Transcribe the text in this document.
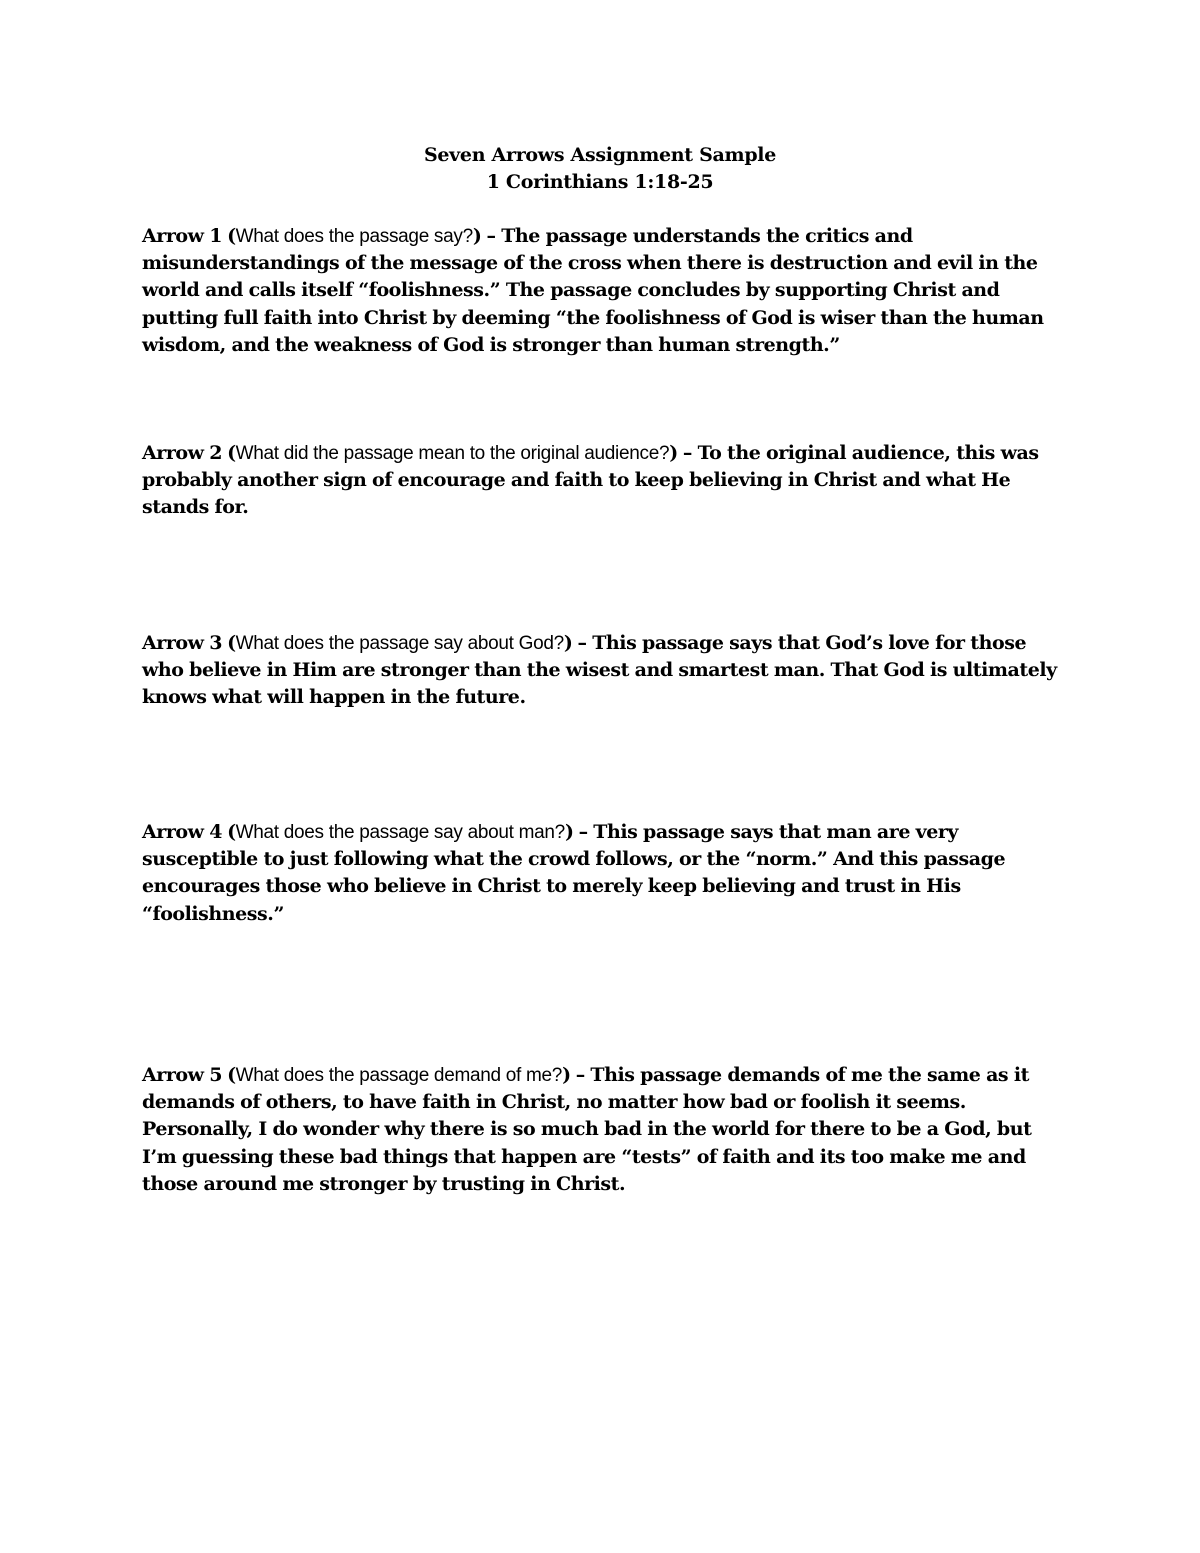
Seven Arrows Assignment Sample
1 Corinthians 1:18-25
Arrow 1 (What does the passage say?) – The passage understands the critics and misunderstandings of the message of the cross when there is destruction and evil in the world and calls itself “foolishness.” The passage concludes by supporting Christ and putting full faith into Christ by deeming “the foolishness of God is wiser than the human wisdom, and the weakness of God is stronger than human strength.”
Arrow 2 (What did the passage mean to the original audience?) – To the original audience, this was probably another sign of encourage and faith to keep believing in Christ and what He stands for.
Arrow 3 (What does the passage say about God?) – This passage says that God’s love for those who believe in Him are stronger than the wisest and smartest man. That God is ultimately knows what will happen in the future.
Arrow 4 (What does the passage say about man?) – This passage says that man are very susceptible to just following what the crowd follows, or the “norm.” And this passage encourages those who believe in Christ to merely keep believing and trust in His “foolishness.”
Arrow 5 (What does the passage demand of me?) – This passage demands of me the same as it demands of others, to have faith in Christ, no matter how bad or foolish it seems. Personally, I do wonder why there is so much bad in the world for there to be a God, but I’m guessing these bad things that happen are “tests” of faith and its too make me and those around me stronger by trusting in Christ.
